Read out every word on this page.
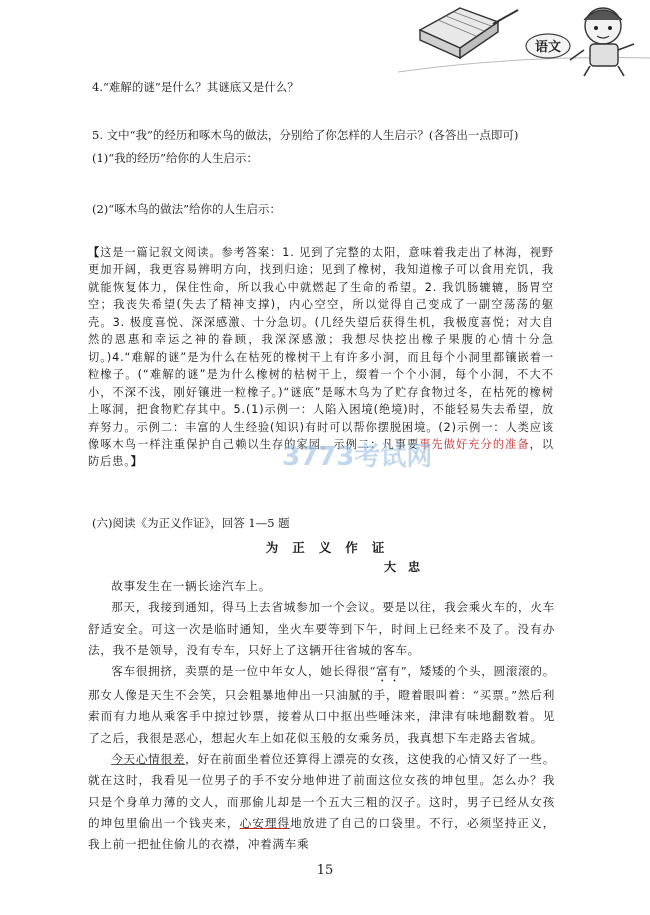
语文
4.“难解的谜”是什么？其谜底又是什么？
5. 文中“我”的经历和啄木鸟的做法，分别给了你怎样的人生启示？(各答出一点即可)
(1)“我的经历”给你的人生启示：
(2)“啄木鸟的做法”给你的人生启示：
【这是一篇记叙文阅读。参考答案：1. 见到了完整的太阳，意味着我走出了林海，视野更加开阔，我更容易辨明方向，找到归途；见到了橡树，我知道橡子可以食用充饥，我就能恢复体力，保住性命，所以我心中就燃起了生命的希望。2. 我饥肠辘辘，肠胃空空；我丧失希望(失去了精神支撑)，内心空空，所以觉得自己变成了一副空荡荡的躯壳。3. 极度喜悦、深深感激、十分急切。(几经失望后获得生机，我极度喜悦；对大自然的恩惠和幸运之神的眷顾，我深深感激；我想尽快挖出橡子果腹的心情十分急切。)4.“难解的谜”是为什么在枯死的橡树干上有许多小洞，而且每个小洞里都镶嵌着一粒橡子。(“难解的谜”是为什么橡树的枯树干上，缀着一个个小洞，每个小洞，不大不小，不深不浅，刚好镶进一粒橡子。)“谜底”是啄木鸟为了贮存食物过冬，在枯死的橡树上啄洞，把食物贮存其中。5.(1)示例一：人陷入困境(绝境)时，不能轻易失去希望，放弃努力。示例二：丰富的人生经验(知识)有时可以帮你摆脱困境。(2)示例一：人类应该像啄木鸟一样注重保护自己赖以生存的家园。示例二：凡事要事先做好充分的准备，以防后患。】	3773考试网
(六)阅读《为正义作证》，回答 1—5 题
为正义作证
大忠

故事发生在一辆长途汽车上。

那天，我接到通知，得马上去省城参加一个会议。要是以往，我会乘火车的，火车舒适安全。可这一次是临时通知，坐火车要等到下午，时间上已经来不及了。没有办法，我不是领导，没有专车，只好上了这辆开往省城的客车。

客车很拥挤，卖票的是一位中年女人，她长得很“富有”，矮矮的个头，圆滚滚的。那女人像是天生不会笑，只会粗暴地伸出一只油腻的手，瞪着眼叫着：“买票。”然后利索而有力地从乘客手中掠过钞票，接着从口中抠出些唾沫来，津津有味地翻数着。见了之后，我很是恶心，想起火车上如花似玉般的女乘务员，我真想下车走路去省城。

今天心情很差，好在前面坐着位还算得上漂亮的女孩，这使我的心情又好了一些。就在这时，我看见一位男子的手不安分地伸进了前面这位女孩的坤包里。怎么办？我只是个身单力薄的文人，而那偷儿却是一个五大三粗的汉子。这时，男子已经从女孩的坤包里偷出一个钱夹来，心安理得地放进了自己的口袋里。不行，必须坚持正义，我上前一把扯住偷儿的衣襟，冲着满车乘

15
